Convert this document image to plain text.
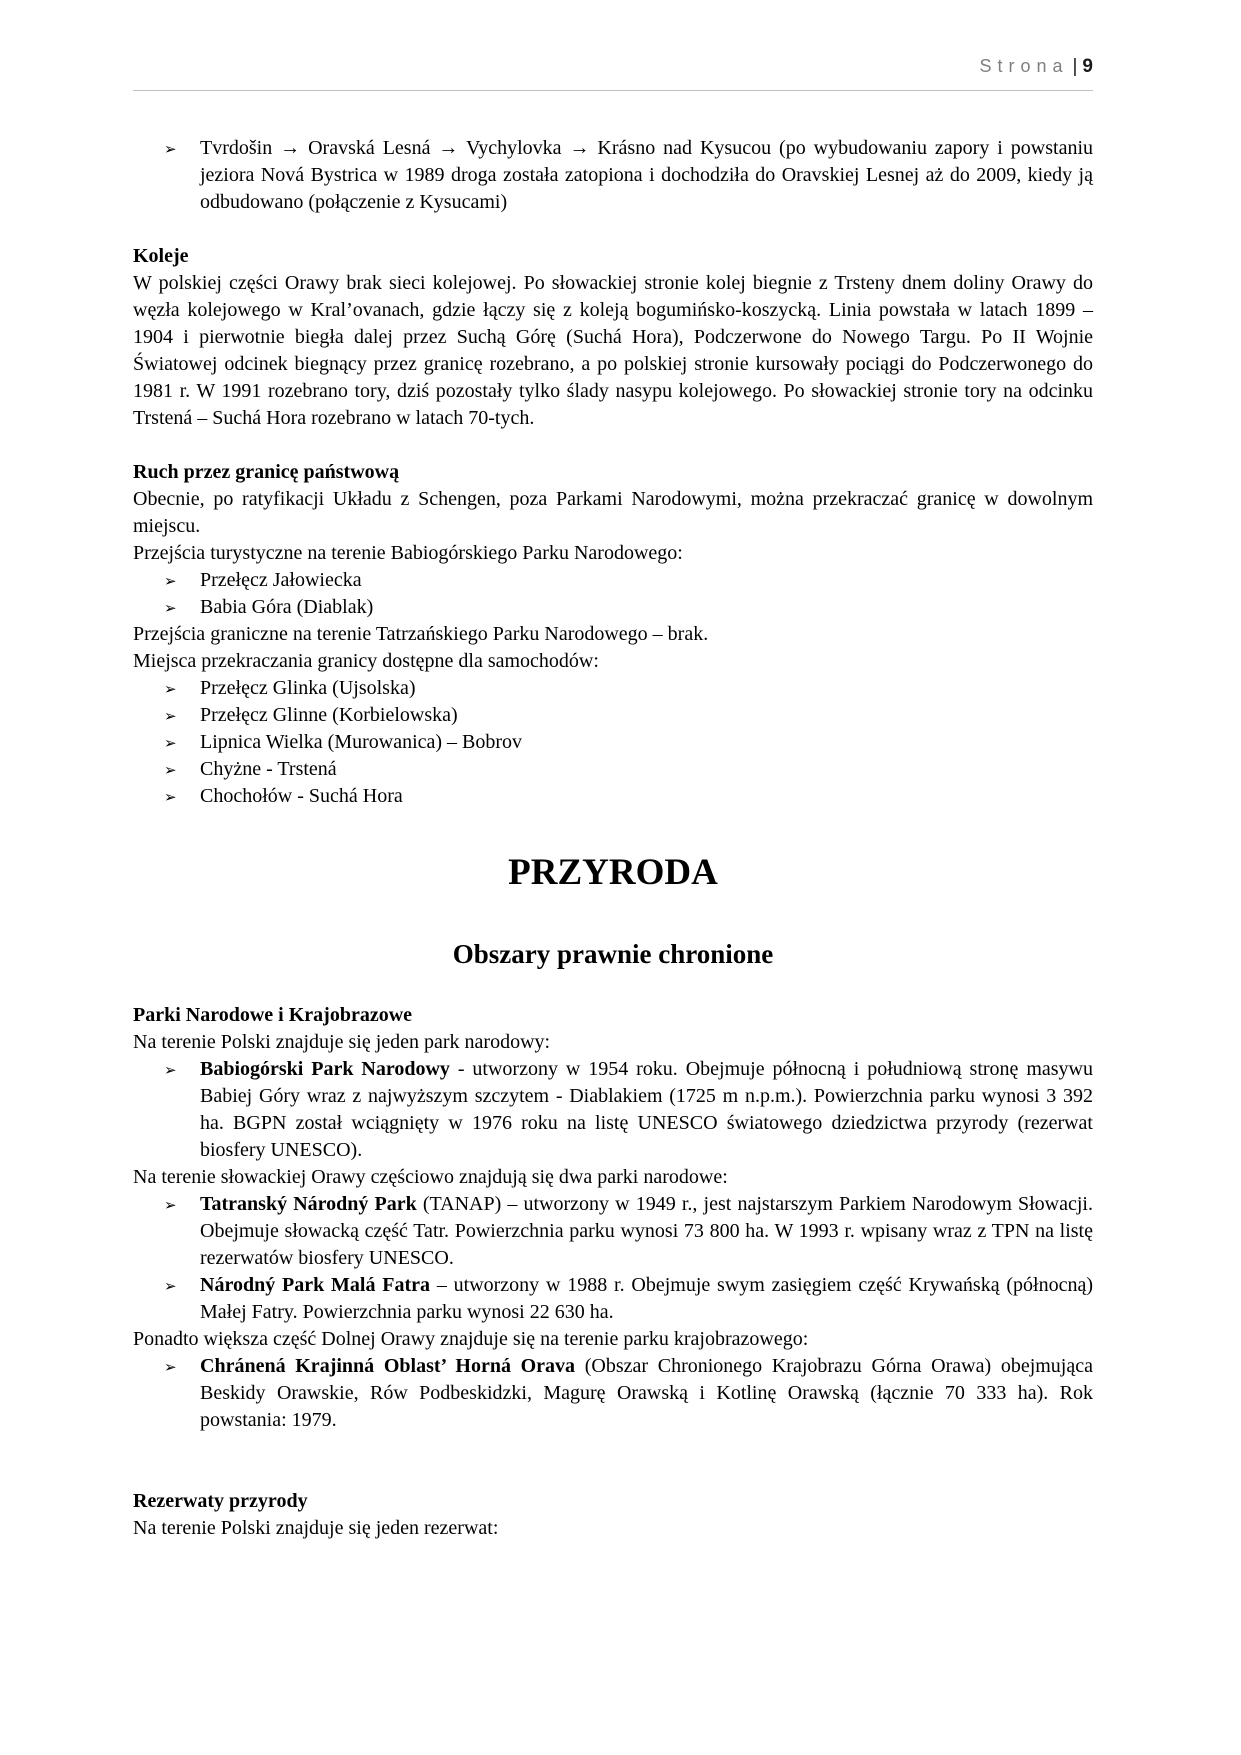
Strona | 9
➢ Tvrdošin → Oravská Lesná → Vychylovka → Krásno nad Kysucou (po wybudowaniu zapory i powstaniu jeziora Nová Bystrica w 1989 droga została zatopiona i dochodziła do Oravskiej Lesnej aż do 2009, kiedy ją odbudowano (połączenie z Kysucami)
Koleje
W polskiej części Orawy brak sieci kolejowej. Po słowackiej stronie kolej biegnie z Trsteny dnem doliny Orawy do węzła kolejowego w Kral’ovanach, gdzie łączy się z koleją bogumińsko-koszycką. Linia powstała w latach 1899 – 1904 i pierwotnie biegła dalej przez Suchą Górę (Suchá Hora), Podczerwone do Nowego Targu. Po II Wojnie Światowej odcinek biegnący przez granicę rozebrano, a po polskiej stronie kursowały pociągi do Podczerwonego do 1981 r. W 1991 rozebrano tory, dziś pozostały tylko ślady nasypu kolejowego. Po słowackiej stronie tory na odcinku Trstená – Suchá Hora rozebrano w latach 70-tych.
Ruch przez granicę państwową
Obecnie, po ratyfikacji Układu z Schengen, poza Parkami Narodowymi, można przekraczać granicę w dowolnym miejscu.
Przejścia turystyczne na terenie Babiogórskiego Parku Narodowego:
➢ Przełęcz Jałowiecka
➢ Babia Góra (Diablak)
Przejścia graniczne na terenie Tatrzańskiego Parku Narodowego – brak.
Miejsca przekraczania granicy dostępne dla samochodów:
➢ Przełęcz Glinka (Ujsolska)
➢ Przełęcz Glinne (Korbielowska)
➢ Lipnica Wielka (Murowanica) – Bobrov
➢ Chyżne - Trstená
➢ Chochołów - Suchá Hora
PRZYRODA
Obszary prawnie chronione
Parki Narodowe i Krajobrazowe
Na terenie Polski znajduje się jeden park narodowy:
➢ Babiogórski Park Narodowy - utworzony w 1954 roku. Obejmuje północną i południową stronę masywu Babiej Góry wraz z najwyższym szczytem - Diablakiem (1725 m n.p.m.). Powierzchnia parku wynosi 3 392 ha. BGPN został wciągnięty w 1976 roku na listę UNESCO światowego dziedzictwa przyrody (rezerwat biosfery UNESCO).
Na terenie słowackiej Orawy częściowo znajdują się dwa parki narodowe:
➢ Tatranský Národný Park (TANAP) – utworzony w 1949 r., jest najstarszym Parkiem Narodowym Słowacji. Obejmuje słowacką część Tatr. Powierzchnia parku wynosi 73 800 ha. W 1993 r. wpisany wraz z TPN na listę rezerwatów biosfery UNESCO.
➢ Národný Park Malá Fatra – utworzony w 1988 r. Obejmuje swym zasięgiem część Krywańską (północną) Małej Fatry. Powierzchnia parku wynosi 22 630 ha.
Ponadto większa część Dolnej Orawy znajduje się na terenie parku krajobrazowego:
➢ Chránená Krajinná Oblast’ Horná Orava (Obszar Chronionego Krajobrazu Górna Orawa) obejmująca Beskidy Orawskie, Rów Podbeskidzki, Magurę Orawską i Kotlinę Orawską (łącznie 70 333 ha). Rok powstania: 1979.
Rezerwaty przyrody
Na terenie Polski znajduje się jeden rezerwat:
